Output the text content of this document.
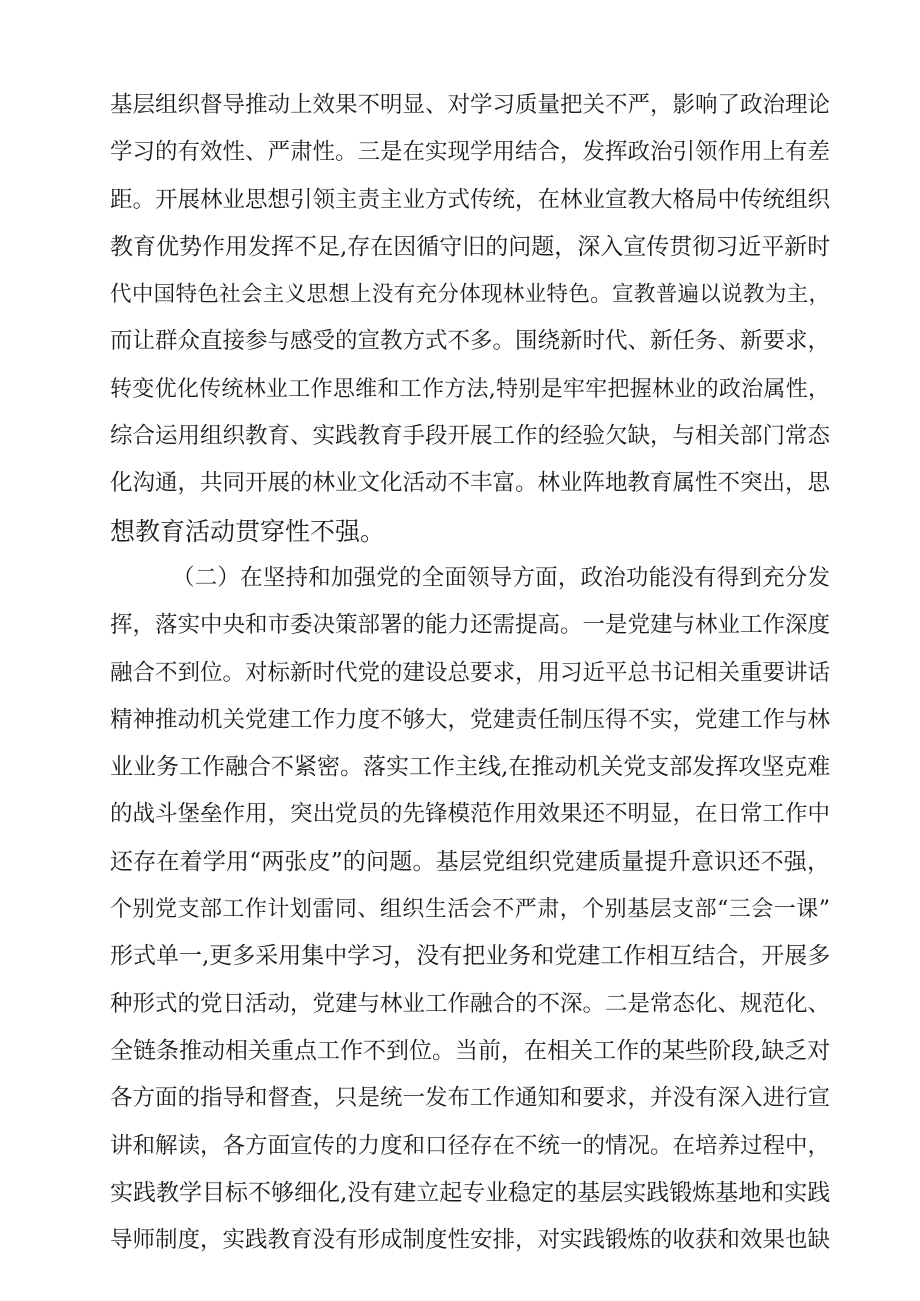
基层组织督导推动上效果不明显、对学习质量把关不严，影响了政治理论
学习的有效性、严肃性。三是在实现学用结合，发挥政治引领作用上有差
距。开展林业思想引领主责主业方式传统，在林业宣教大格局中传统组织
教育优势作用发挥不足,存在因循守旧的问题，深入宣传贯彻习近平新时
代中国特色社会主义思想上没有充分体现林业特色。宣教普遍以说教为主，
而让群众直接参与感受的宣教方式不多。围绕新时代、新任务、新要求，
转变优化传统林业工作思维和工作方法,特别是牢牢把握林业的政治属性，
综合运用组织教育、实践教育手段开展工作的经验欠缺，与相关部门常态
化沟通，共同开展的林业文化活动不丰富。林业阵地教育属性不突出，思
想教育活动贯穿性不强。
（二）在坚持和加强党的全面领导方面，政治功能没有得到充分发
挥，落实中央和市委决策部署的能力还需提高。一是党建与林业工作深度
融合不到位。对标新时代党的建设总要求，用习近平总书记相关重要讲话
精神推动机关党建工作力度不够大，党建责任制压得不实，党建工作与林
业业务工作融合不紧密。落实工作主线,在推动机关党支部发挥攻坚克难
的战斗堡垒作用，突出党员的先锋模范作用效果还不明显，在日常工作中
还存在着学用“两张皮”的问题。基层党组织党建质量提升意识还不强，
个别党支部工作计划雷同、组织生活会不严肃，个别基层支部“三会一课”
形式单一,更多采用集中学习，没有把业务和党建工作相互结合，开展多
种形式的党日活动，党建与林业工作融合的不深。二是常态化、规范化、
全链条推动相关重点工作不到位。当前，在相关工作的某些阶段,缺乏对
各方面的指导和督查，只是统一发布工作通知和要求，并没有深入进行宣
讲和解读，各方面宣传的力度和口径存在不统一的情况。在培养过程中，
实践教学目标不够细化,没有建立起专业稳定的基层实践锻炼基地和实践
导师制度，实践教育没有形成制度性安排，对实践锻炼的收获和效果也缺
